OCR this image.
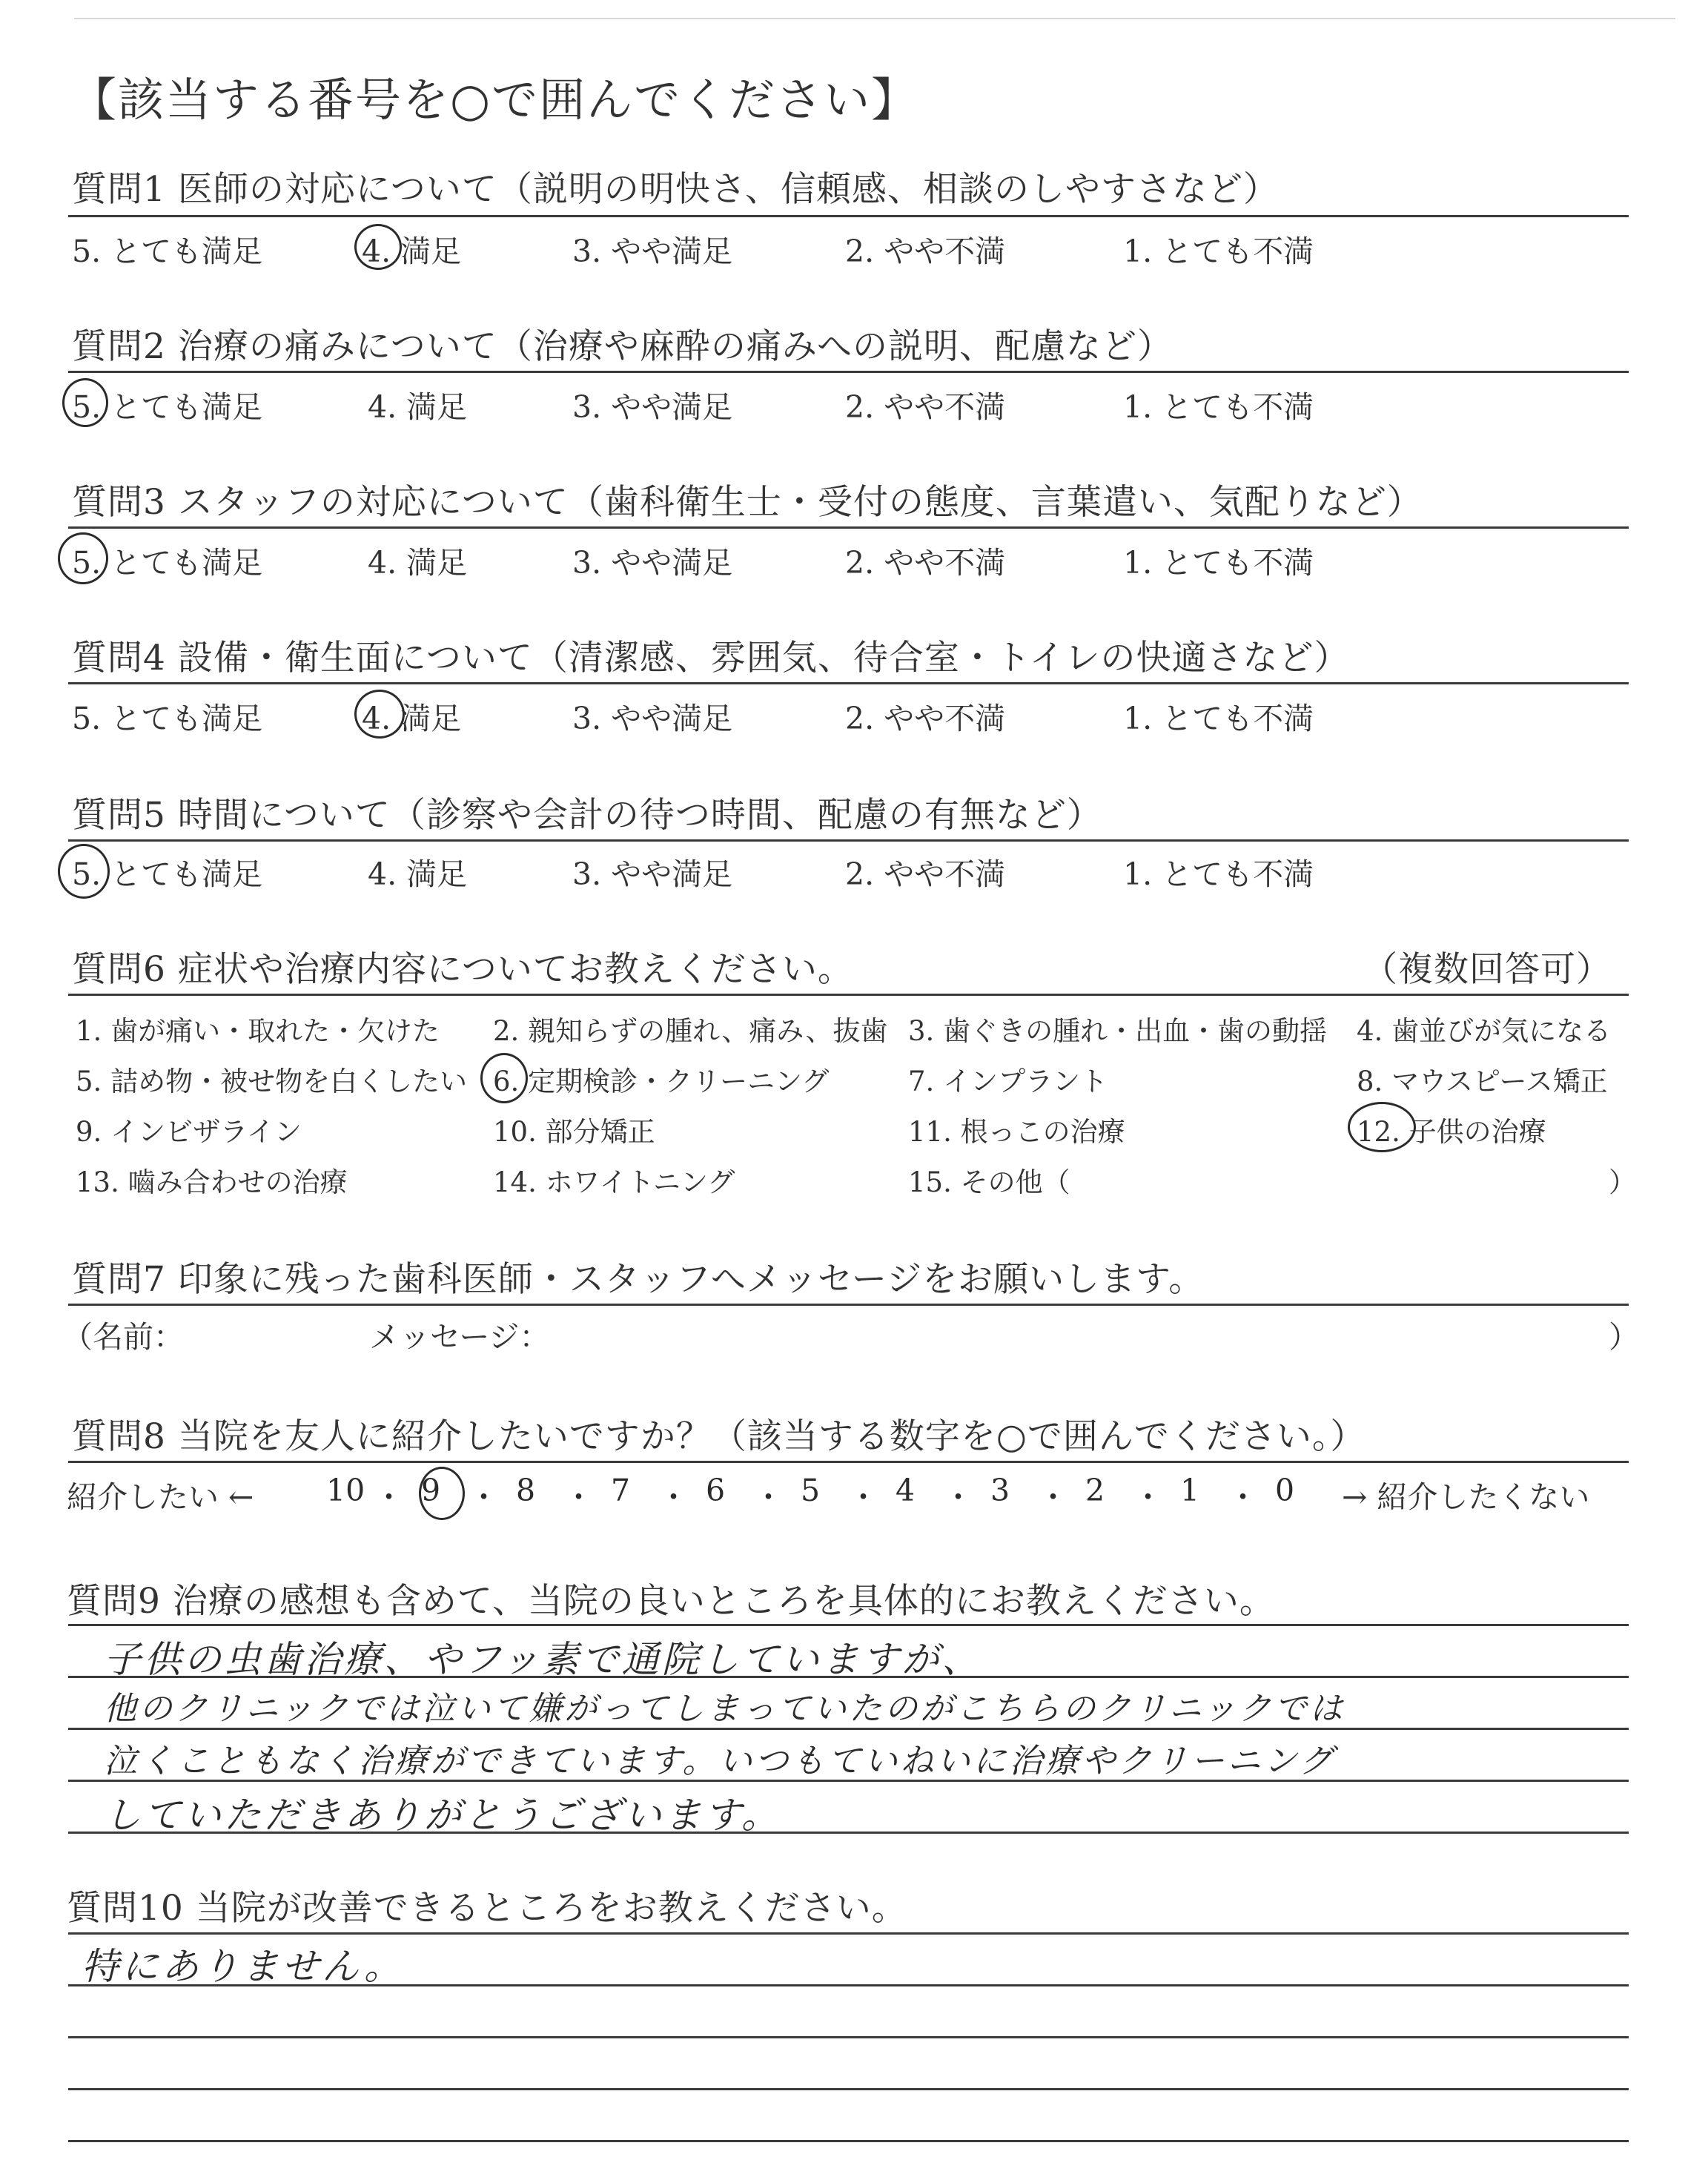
【該当する番号を○で囲んでください】
質問1 医師の対応について（説明の明快さ、信頼感、相談のしやすさなど）
5. とても満足	4. 満足	3. やや満足	2. やや不満	1. とても不満
質問2 治療の痛みについて（治療や麻酔の痛みへの説明、配慮など）
5. とても満足	4. 満足	3. やや満足	2. やや不満	1. とても不満
質問3 スタッフの対応について（歯科衛生士・受付の態度、言葉遣い、気配りなど）
5. とても満足	4. 満足	3. やや満足	2. やや不満	1. とても不満
質問4 設備・衛生面について（清潔感、雰囲気、待合室・トイレの快適さなど）
5. とても満足	4. 満足	3. やや満足	2. やや不満	1. とても不満
質問5 時間について（診察や会計の待つ時間、配慮の有無など）
5. とても満足	4. 満足	3. やや満足	2. やや不満	1. とても不満
質問6 症状や治療内容についてお教えください。	（複数回答可）
1. 歯が痛い・取れた・欠けた 2. 親知らずの腫れ、痛み、抜歯 3. 歯ぐきの腫れ・出血・歯の動揺 4. 歯並びが気になる
5. 詰め物・被せ物を白くしたい 6. 定期検診・クリーニング	7. インプラント	8. マウスピース矯正
9. インビザライン	10. 部分矯正	11. 根っこの治療	12. 子供の治療
13. 嚙み合わせの治療	14. ホワイトニング	15. その他（	）
質問7 印象に残った歯科医師・スタッフへメッセージをお願いします。
（名前：	メッセージ：	）
質問8 当院を友人に紹介したいですか？（該当する数字を○で囲んでください。）
紹介したい ← 10 ・ 9 ・ 8 ・ 7 ・ 6 ・ 5 ・ 4 ・ 3 ・ 2 ・ 1 ・ 0 → 紹介したくない
質問9 治療の感想も含めて、当院の良いところを具体的にお教えください。
子供の虫歯治療、やフッ素で通院していますが、
他のクリニックでは泣いて嫌がってしまっていたのがこちらのクリニックでは
泣くこともなく治療ができています。いつもていねいに治療やクリーニング
していただきありがとうございます。
質問10 当院が改善できるところをお教えください。
特にありません。
